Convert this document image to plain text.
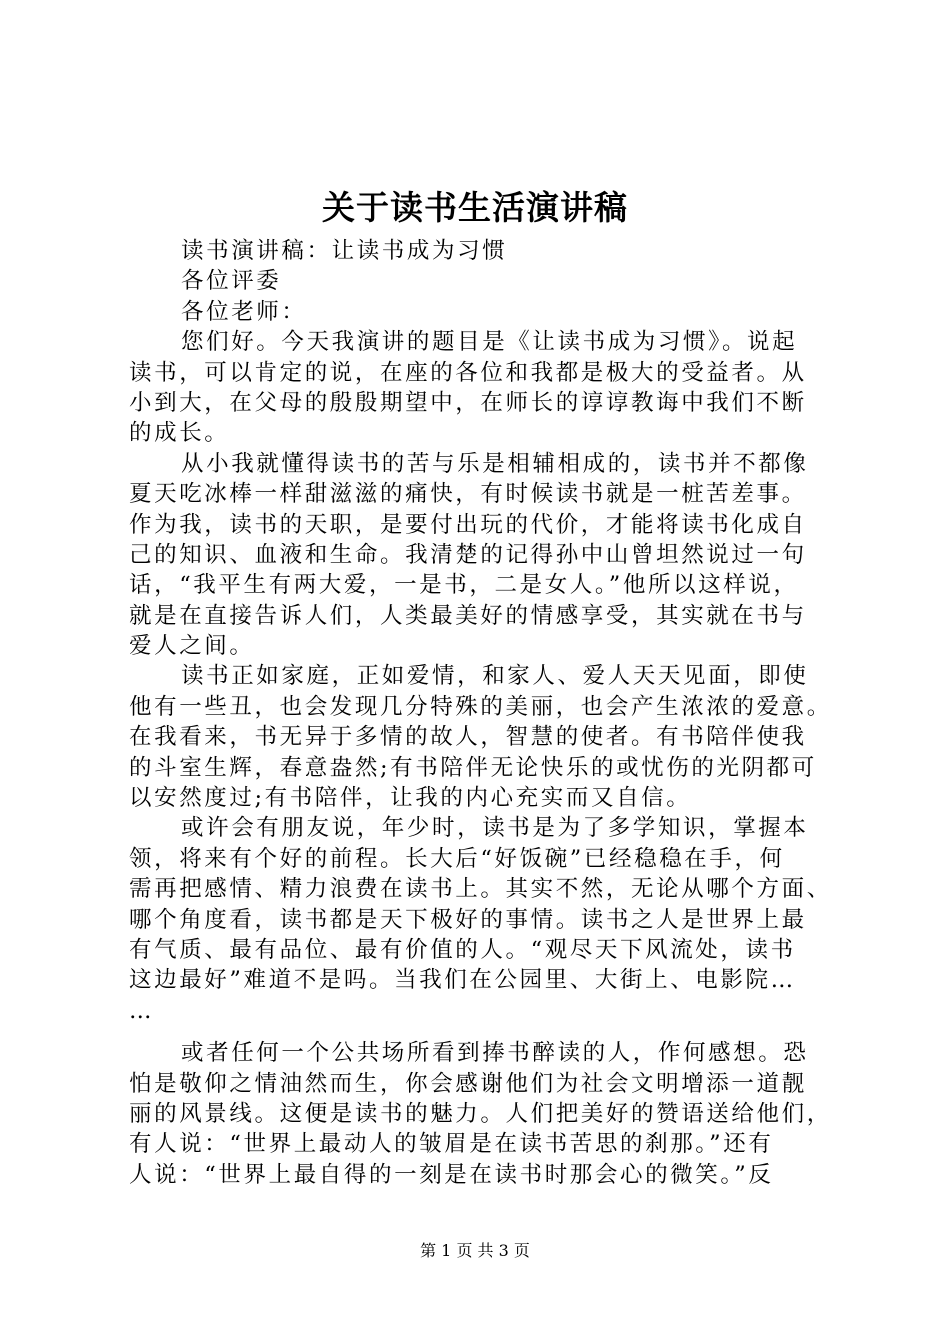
关于读书生活演讲稿
读书演讲稿：让读书成为习惯
各位评委
各位老师：
您们好。今天我演讲的题目是《让读书成为习惯》。说起
读书，可以肯定的说，在座的各位和我都是极大的受益者。从
小到大，在父母的殷殷期望中，在师长的谆谆教诲中我们不断
的成长。
从小我就懂得读书的苦与乐是相辅相成的，读书并不都像
夏天吃冰棒一样甜滋滋的痛快，有时候读书就是一桩苦差事。
作为我，读书的天职，是要付出玩的代价，才能将读书化成自
己的知识、血液和生命。我清楚的记得孙中山曾坦然说过一句
话，“我平生有两大爱，一是书，二是女人。”他所以这样说，
就是在直接告诉人们，人类最美好的情感享受，其实就在书与
爱人之间。
读书正如家庭，正如爱情，和家人、爱人天天见面，即使
他有一些丑，也会发现几分特殊的美丽，也会产生浓浓的爱意。
在我看来，书无异于多情的故人，智慧的使者。有书陪伴使我
的斗室生辉，春意盎然;有书陪伴无论快乐的或忧伤的光阴都可
以安然度过;有书陪伴，让我的内心充实而又自信。
或许会有朋友说，年少时，读书是为了多学知识，掌握本
领，将来有个好的前程。长大后“好饭碗”已经稳稳在手，何
需再把感情、精力浪费在读书上。其实不然，无论从哪个方面、
哪个角度看，读书都是天下极好的事情。读书之人是世界上最
有气质、最有品位、最有价值的人。“观尽天下风流处，读书
这边最好”难道不是吗。当我们在公园里、大街上、电影院…
…
或者任何一个公共场所看到捧书醉读的人，作何感想。恐
怕是敬仰之情油然而生，你会感谢他们为社会文明增添一道靓
丽的风景线。这便是读书的魅力。人们把美好的赞语送给他们，
有人说：“世界上最动人的皱眉是在读书苦思的刹那。”还有
人说：“世界上最自得的一刻是在读书时那会心的微笑。”反
第 1 页 共 3 页
